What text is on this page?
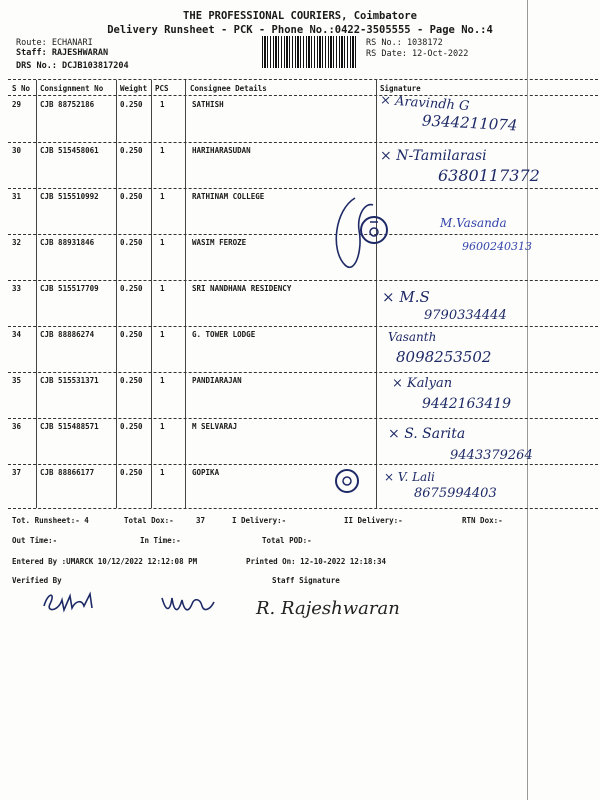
THE PROFESSIONAL COURIERS, Coimbatore
Delivery Runsheet - PCK - Phone No.:0422-3505555 - Page No.:4
Route: ECHANARI
Staff: RAJESHWARAN
DRS No.: DCJB103817204
RS No.: 1038172
RS Date: 12-Oct-2022
S No Consignment No Weight PCS	Consignee Details	Signature
29	CJB 88752186	0.250 1	SATHISH	× Aravindh G
9344211074
30	CJB 515458061	0.250 1	HARIHARASUDAN	× N-Tamilarasi
6380117372
31	CJB 515510992	0.250 1	RATHINAM COLLEGE
32	CJB 88931846	0.250 1	WASIM FEROZE
M.Vasanda
9600240313
33	CJB 515517709	0.250 1	SRI NANDHANA RESIDENCY	× M.S
9790334444
34	CJB 88886274	0.250 1	G. TOWER LODGE	Vasanth
8098253502
35	CJB 515531371	0.250 1	PANDIARAJAN	× Kalyan
9442163419
36	CJB 515488571	0.250 1	M SELVARAJ	× S. Sarita
9443379264
37	CJB 88866177	0.250 1	GOPIKA	× V. Lali
8675994403
Tot. Runsheet:- 4	Total Dox:-	37	I Delivery:-	II Delivery:-	RTN Dox:-
Out Time:-	In Time:-	Total POD:-
Entered By :UMARCK 10/12/2022 12:12:08 PM	Printed On: 12-10-2022 12:18:34
Verified By	Staff Signature
R. Rajeshwaran
